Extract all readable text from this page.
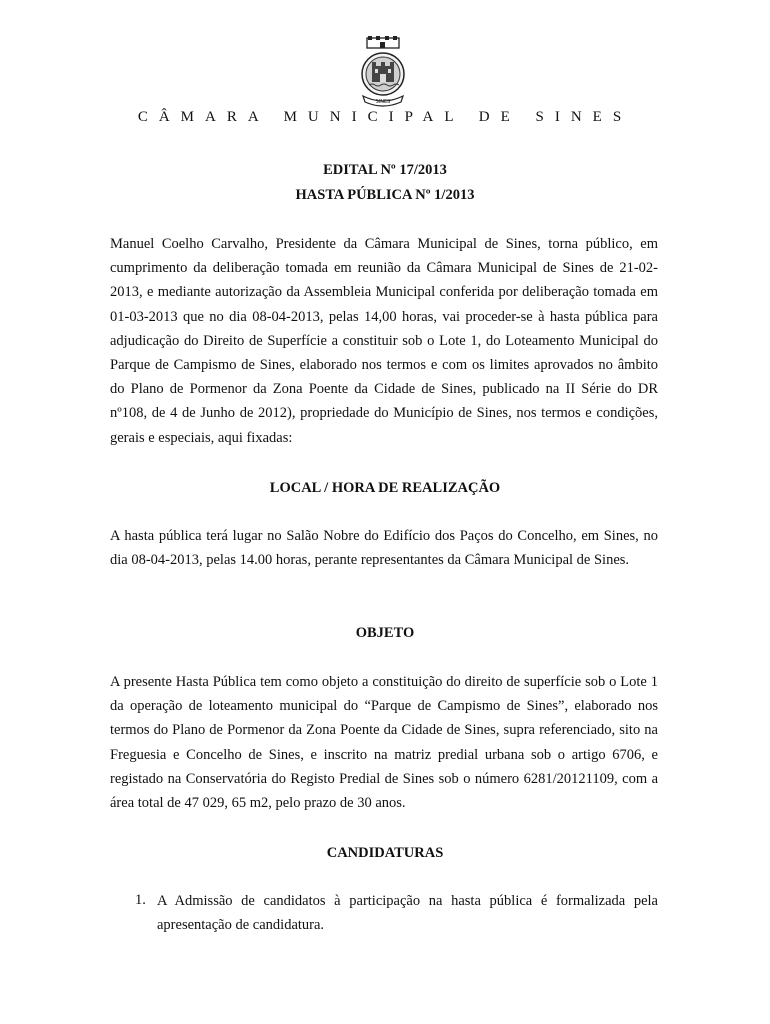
SINES
CÂMARA MUNICIPAL DE SINES
EDITAL Nº 17/2013
HASTA PÚBLICA Nº 1/2013

Manuel Coelho Carvalho, Presidente da Câmara Municipal de Sines, torna público, em cumprimento da deliberação tomada em reunião da Câmara Municipal de Sines de 21-02-2013, e mediante autorização da Assembleia Municipal conferida por deliberação tomada em 01-03-2013 que no dia 08-04-2013, pelas 14,00 horas, vai proceder-se à hasta pública para adjudicação do Direito de Superfície a constituir sob o Lote 1, do Loteamento Municipal do Parque de Campismo de Sines, elaborado nos termos e com os limites aprovados no âmbito do Plano de Pormenor da Zona Poente da Cidade de Sines, publicado na II Série do DR nº108, de 4 de Junho de 2012), propriedade do Município de Sines, nos termos e condições, gerais e especiais, aqui fixadas:

LOCAL / HORA DE REALIZAÇÃO

A hasta pública terá lugar no Salão Nobre do Edifício dos Paços do Concelho, em Sines, no dia 08-04-2013, pelas 14.00 horas, perante representantes da Câmara Municipal de Sines.

OBJETO

A presente Hasta Pública tem como objeto a constituição do direito de superfície sob o Lote 1 da operação de loteamento municipal do “Parque de Campismo de Sines”, elaborado nos termos do Plano de Pormenor da Zona Poente da Cidade de Sines, supra referenciado, sito na Freguesia e Concelho de Sines, e inscrito na matriz predial urbana sob o artigo 6706, e registado na Conservatória do Registo Predial de Sines sob o número 6281/20121109, com a área total de 47 029, 65 m2, pelo prazo de 30 anos.

CANDIDATURAS
1. A Admissão de candidatos à participação na hasta pública é formalizada pela apresentação de candidatura.
